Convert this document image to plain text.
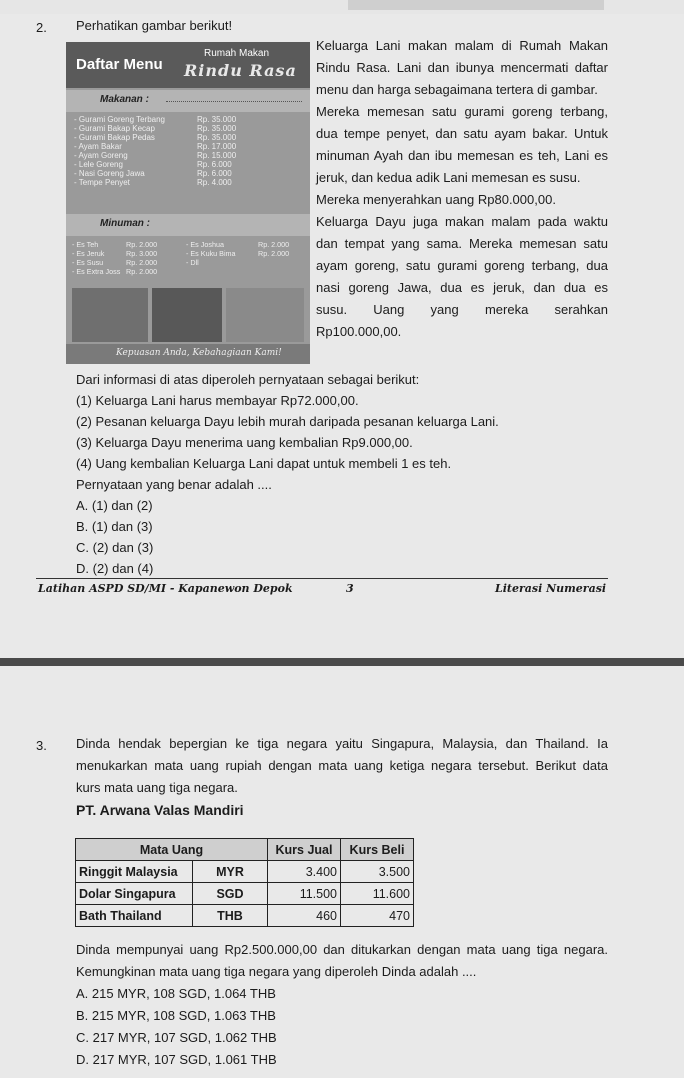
2. Perhatikan gambar berikut!
Daftar Menu
Rumah Makan
Rindu Rasa
Makanan :
- Gurami Goreng Terbang	Rp. 35.000
- Gurami Bakap Kecap	Rp. 35.000
- Gurami Bakap Pedas	Rp. 35.000
- Ayam Bakar	Rp. 17.000
- Ayam Goreng	Rp. 15.000
- Lele Goreng	Rp. 6.000
- Nasi Goreng Jawa	Rp. 6.000
- Tempe Penyet	Rp. 4.000
Minuman :
- Es Teh	Rp. 2.000
- Es Jeruk	Rp. 3.000
- Es Susu	Rp. 2.000
- Es Extra Joss Rp. 2.000
- Es Joshua	Rp. 2.000
- Es Kuku Bima	Rp. 2.000
- Dll
Kepuasan Anda, Kebahagiaan Kami!
Keluarga Lani makan malam di Rumah Makan
Rindu Rasa. Lani dan ibunya mencermati daftar
menu dan harga sebagaimana tertera di gambar.
Mereka memesan satu gurami goreng terbang,
dua tempe penyet, dan satu ayam bakar. Untuk
minuman Ayah dan ibu memesan es teh, Lani es
jeruk, dan kedua adik Lani memesan es susu.
Mereka menyerahkan uang Rp80.000,00.
Keluarga Dayu juga makan malam pada waktu
dan tempat yang sama. Mereka memesan satu
ayam goreng, satu gurami goreng terbang, dua
nasi goreng Jawa, dua es jeruk, dan dua es
susu. Uang yang mereka serahkan
Rp100.000,00.
Dari informasi di atas diperoleh pernyataan sebagai berikut:
(1) Keluarga Lani harus membayar Rp72.000,00.
(2) Pesanan keluarga Dayu lebih murah daripada pesanan keluarga Lani.
(3) Keluarga Dayu menerima uang kembalian Rp9.000,00.
(4) Uang kembalian Keluarga Lani dapat untuk membeli 1 es teh.
Pernyataan yang benar adalah ....
A. (1) dan (2)
B. (1) dan (3)
C. (2) dan (3)
D. (2) dan (4)
Latihan ASPD SD/MI - Kapanewon Depok	3	Literasi Numerasi
3. Dinda hendak bepergian ke tiga negara yaitu Singapura, Malaysia, dan Thailand. Ia
menukarkan mata uang rupiah dengan mata uang ketiga negara tersebut. Berikut data
kurs mata uang tiga negara.
PT. Arwana Valas Mandiri
Mata Uang		Kurs Jual	Kurs Beli
Ringgit Malaysia	MYR	3.400	3.500
Dolar Singapura	SGD	11.500	11.600
Bath Thailand	THB	460	470
Dinda mempunyai uang Rp2.500.000,00 dan ditukarkan dengan mata uang tiga negara.
Kemungkinan mata uang tiga negara yang diperoleh Dinda adalah ....
A. 215 MYR, 108 SGD, 1.064 THB
B. 215 MYR, 108 SGD, 1.063 THB
C. 217 MYR, 107 SGD, 1.062 THB
D. 217 MYR, 107 SGD, 1.061 THB
